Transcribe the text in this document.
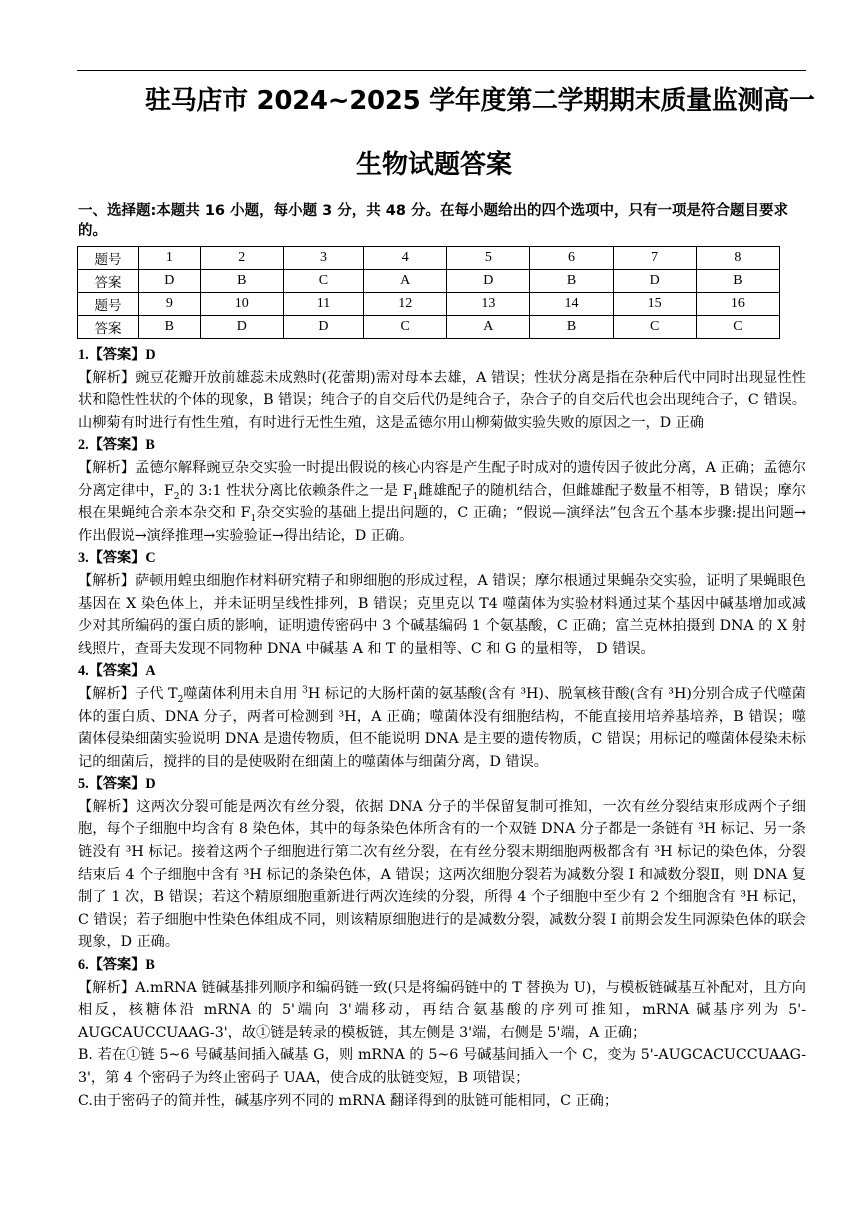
驻马店市 2024~2025 学年度第二学期期末质量监测高一
生物试题答案
一、选择题:本题共 16 小题，每小题 3 分，共 48 分。在每小题给出的四个选项中，只有一项是符合题目要求的。
题号	1	2	3	4	5	6	7	8
答案	D	B	C	A	D	B	D	B
题号	9	10	11	12	13	14	15	16
答案	B	D	D	C	A	B	C	C

1.【答案】D

【解析】豌豆花瓣开放前雄蕊未成熟时(花蕾期)需对母本去雄，A 错误；性状分离是指在杂种后代中同时出现显性性状和隐性性状的个体的现象，B 错误；纯合子的自交后代仍是纯合子，杂合子的自交后代也会出现纯合子，C 错误。山柳菊有时进行有性生殖，有时进行无性生殖，这是孟德尔用山柳菊做实验失败的原因之一，D 正确

2.【答案】B

【解析】孟德尔解释豌豆杂交实验一时提出假说的核心内容是产生配子时成对的遗传因子彼此分离，A 正确；孟德尔分离定律中，$F_2$的 3:1 性状分离比依赖条件之一是 $F_1$雌雄配子的随机结合，但雌雄配子数量不相等，B 错误；摩尔根在果蝇纯合亲本杂交和 $F_1$杂交实验的基础上提出问题的，C 正确；“假说—演绎法”包含五个基本步骤:提出问题→作出假说→演绎推理→实验验证→得出结论，D 正确。

3.【答案】C

【解析】萨顿用蝗虫细胞作材料研究精子和卵细胞的形成过程，A 错误；摩尔根通过果蝇杂交实验，证明了果蝇眼色基因在 X 染色体上，并未证明呈线性排列，B 错误；克里克以 T4 噬菌体为实验材料通过某个基因中碱基增加或减少对其所编码的蛋白质的影响，证明遗传密码中 3 个碱基编码 1 个氨基酸，C 正确；富兰克林拍摄到 DNA 的 X 射线照片，查哥夫发现不同物种 DNA 中碱基 A 和 T 的量相等、C 和 G 的量相等， D 错误。

4.【答案】A

【解析】子代 $T_2$噬菌体利用未自用 $^3$H 标记的大肠杆菌的氨基酸(含有 ³H)、脱氧核苷酸(含有 ³H)分别合成子代噬菌体的蛋白质、DNA 分子，两者可检测到 ³H，A 正确；噬菌体没有细胞结构，不能直接用培养基培养，B 错误；噬菌体侵染细菌实验说明 DNA 是遗传物质，但不能说明 DNA 是主要的遗传物质，C 错误；用标记的噬菌体侵染未标记的细菌后，搅拌的目的是使吸附在细菌上的噬菌体与细菌分离，D 错误。

5.【答案】D

【解析】这两次分裂可能是两次有丝分裂，依据 DNA 分子的半保留复制可推知，一次有丝分裂结束形成两个子细胞，每个子细胞中均含有 8 染色体，其中的每条染色体所含有的一个双链 DNA 分子都是一条链有 ³H 标记、另一条链没有 ³H 标记。接着这两个子细胞进行第二次有丝分裂，在有丝分裂末期细胞两极都含有 ³H 标记的染色体，分裂结束后 4 个子细胞中含有 ³H 标记的条染色体，A 错误；这两次细胞分裂若为减数分裂 I 和减数分裂Ⅱ，则 DNA 复制了 1 次，B 错误；若这个精原细胞重新进行两次连续的分裂，所得 4 个子细胞中至少有 2 个细胞含有 ³H 标记，C 错误；若子细胞中性染色体组成不同，则该精原细胞进行的是减数分裂，减数分裂 I 前期会发生同源染色体的联会现象，D 正确。

6.【答案】B

【解析】A.mRNA 链碱基排列顺序和编码链一致(只是将编码链中的 T 替换为 U)，与模板链碱基互补配对，且方向相反，核糖体沿 mRNA 的 5'端向 3'端移动，再结合氨基酸的序列可推知，mRNA 碱基序列为 5'-AUGCAUCCUAAG-3'，故①链是转录的模板链，其左侧是 3'端，右侧是 5'端，A 正确；

B. 若在①链 5~6 号碱基间插入碱基 G，则 mRNA 的 5~6 号碱基间插入一个 C，变为 5'-AUGCACUCCUAAG-3'，第 4 个密码子为终止密码子 UAA，使合成的肽链变短，B 项错误；

C.由于密码子的简并性，碱基序列不同的 mRNA 翻译得到的肽链可能相同，C 正确；
